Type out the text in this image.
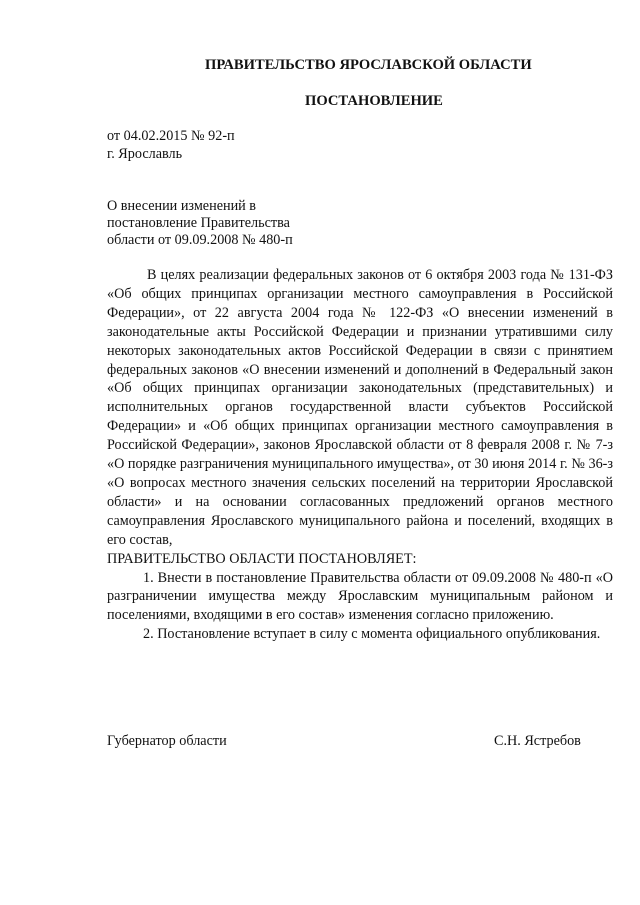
ПРАВИТЕЛЬСТВО ЯРОСЛАВСКОЙ ОБЛАСТИ
ПОСТАНОВЛЕНИЕ
от 04.02.2015 № 92-п
г. Ярославль
О внесении изменений в
постановление Правительства
области от 09.09.2008 № 480-п

В целях реализации федеральных законов от 6 октября 2003 года № 131-ФЗ «Об общих принципах организации местного самоуправления в Российской Федерации», от 22 августа 2004 года № 122-ФЗ «О внесении изменений в законодательные акты Российской Федерации и признании утратившими силу некоторых законодательных актов Российской Федерации в связи с принятием федеральных законов «О внесении изменений и дополнений в Федеральный закон «Об общих принципах организации законодательных (представительных) и исполнительных органов государственной власти субъектов Российской Федерации» и «Об общих принципах организации местного самоуправления в Российской Федерации», законов Ярославской области от 8 февраля 2008 г. № 7-з «О порядке разграничения муниципального имущества», от 30 июня 2014 г. № 36-з «О вопросах местного значения сельских поселений на территории Ярославской области» и на основании согласованных предложений органов местного самоуправления Ярославского муниципального района и поселений, входящих в его состав,

ПРАВИТЕЛЬСТВО ОБЛАСТИ ПОСТАНОВЛЯЕТ:

1. Внести в постановление Правительства области от 09.09.2008 № 480-п «О разграничении имущества между Ярославским муниципальным районом и поселениями, входящими в его состав» изменения согласно приложению.

2. Постановление вступает в силу с момента официального опубликования.

Губернатор области	С.Н. Ястребов
